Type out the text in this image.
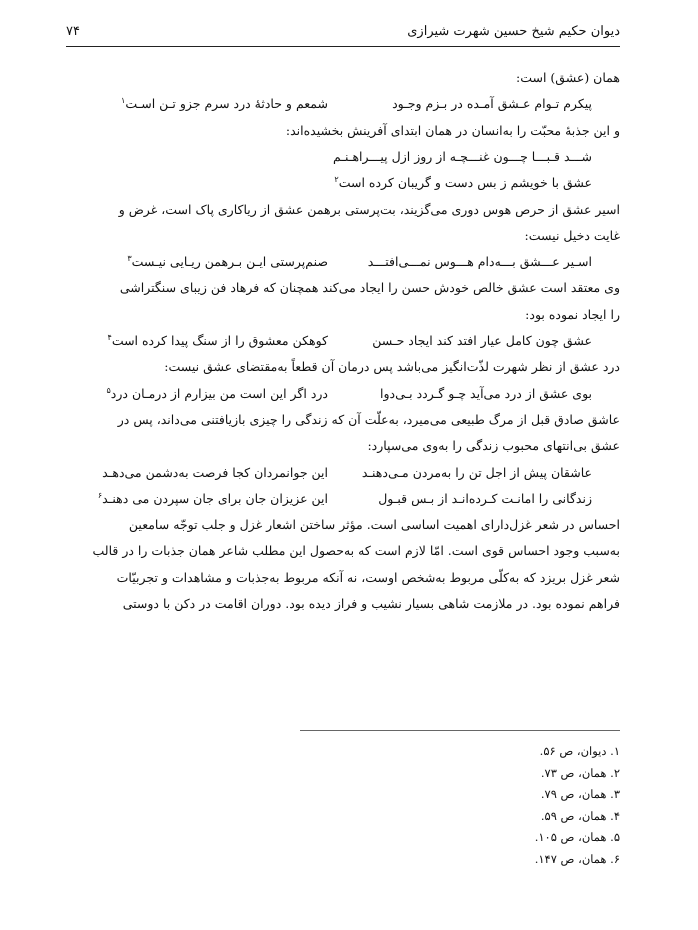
دیوان حکیم شیخ حسین شهرت شیرازی
۷۴
همان (عشق) است:
پیکرم تـوام عـشق آمـده در بـزم وجـود
شمعم و حادثهٔ درد سرم جزو تـن اسـت$^۱$
و این جذبهٔ محبّت را به‌انسان در همان ابتدای آفرینش بخشیده‌اند:
شـــد قـبـــا چـــون غنـــچـه از روز ازل پیـــراهـنـم
عشق با خویشم ز بس دست و گریبان کرده است$^۲$
اسیر عشق از حرص هوس دوری می‌گزیند، بت‌پرستی برهمن عشق از ریاکاری پاک است، غرض و
غایت دخیل نیست:
اسـیر عـــشق بـــه‌دام هـــوس نمـــی‌افتـــد
صنم‌پرستی ایـن بـرهمن ریـایی نیـست$^۳$
وی معتقد است عشق خالص خودش حسن را ایجاد می‌کند همچنان که فرهاد فن زیبای سنگتراشی
را ایجاد نموده بود:
عشق چون کامل عیار افتد کند ایجاد حـسن
کوهکن معشوق را از سنگ پیدا کرده است$^۴$
درد عشق از نظر شهرت لذّت‌انگیز می‌باشد پس درمان آن قطعاً به‌مقتضای عشق نیست:
بوی عشق از درد می‌آید چـو گـردد بـی‌دوا
درد اگر این است من بیزارم از درمـان درد$^۵$
عاشق صادق قبل از مرگ طبیعی می‌میرد، به‌علّت آن که زندگی را چیزی بازیافتنی می‌داند، پس در
عشق بی‌انتهای محبوب زندگی را به‌وی می‌سپارد:
عاشقان پیش از اجل تن را به‌مردن مـی‌دهنـد
این جوانمردان کجا فرصت به‌دشمن می‌دهـد
زندگانی را امانـت کـرده‌انـد از بـس قبـول
این عزیزان جان برای جان سپردن می دهنـد$^۶$
احساس در شعر غزل‌دارای اهمیت اساسی است. مؤثر ساختن اشعار غزل و جلب توجّه سامعین
به‌سبب وجود احساس قوی است. امّا لازم است که به‌حصول این مطلب شاعر همان جذبات را در قالب
شعر غزل بریزد که به‌کلّی مربوط به‌شخص اوست، نه آنکه مربوط به‌جذبات و مشاهدات و تجربیّات
فراهم نموده بود. در ملازمت شاهی بسیار نشیب و فراز دیده بود. دوران اقامت در دکن با دوستی
۱. دیوان، ص ۵۶.
۲. همان، ص ۷۳.
۳. همان، ص ۷۹.
۴. همان، ص ۵۹.
۵. همان، ص ۱۰۵.
۶. همان، ص ۱۴۷.
